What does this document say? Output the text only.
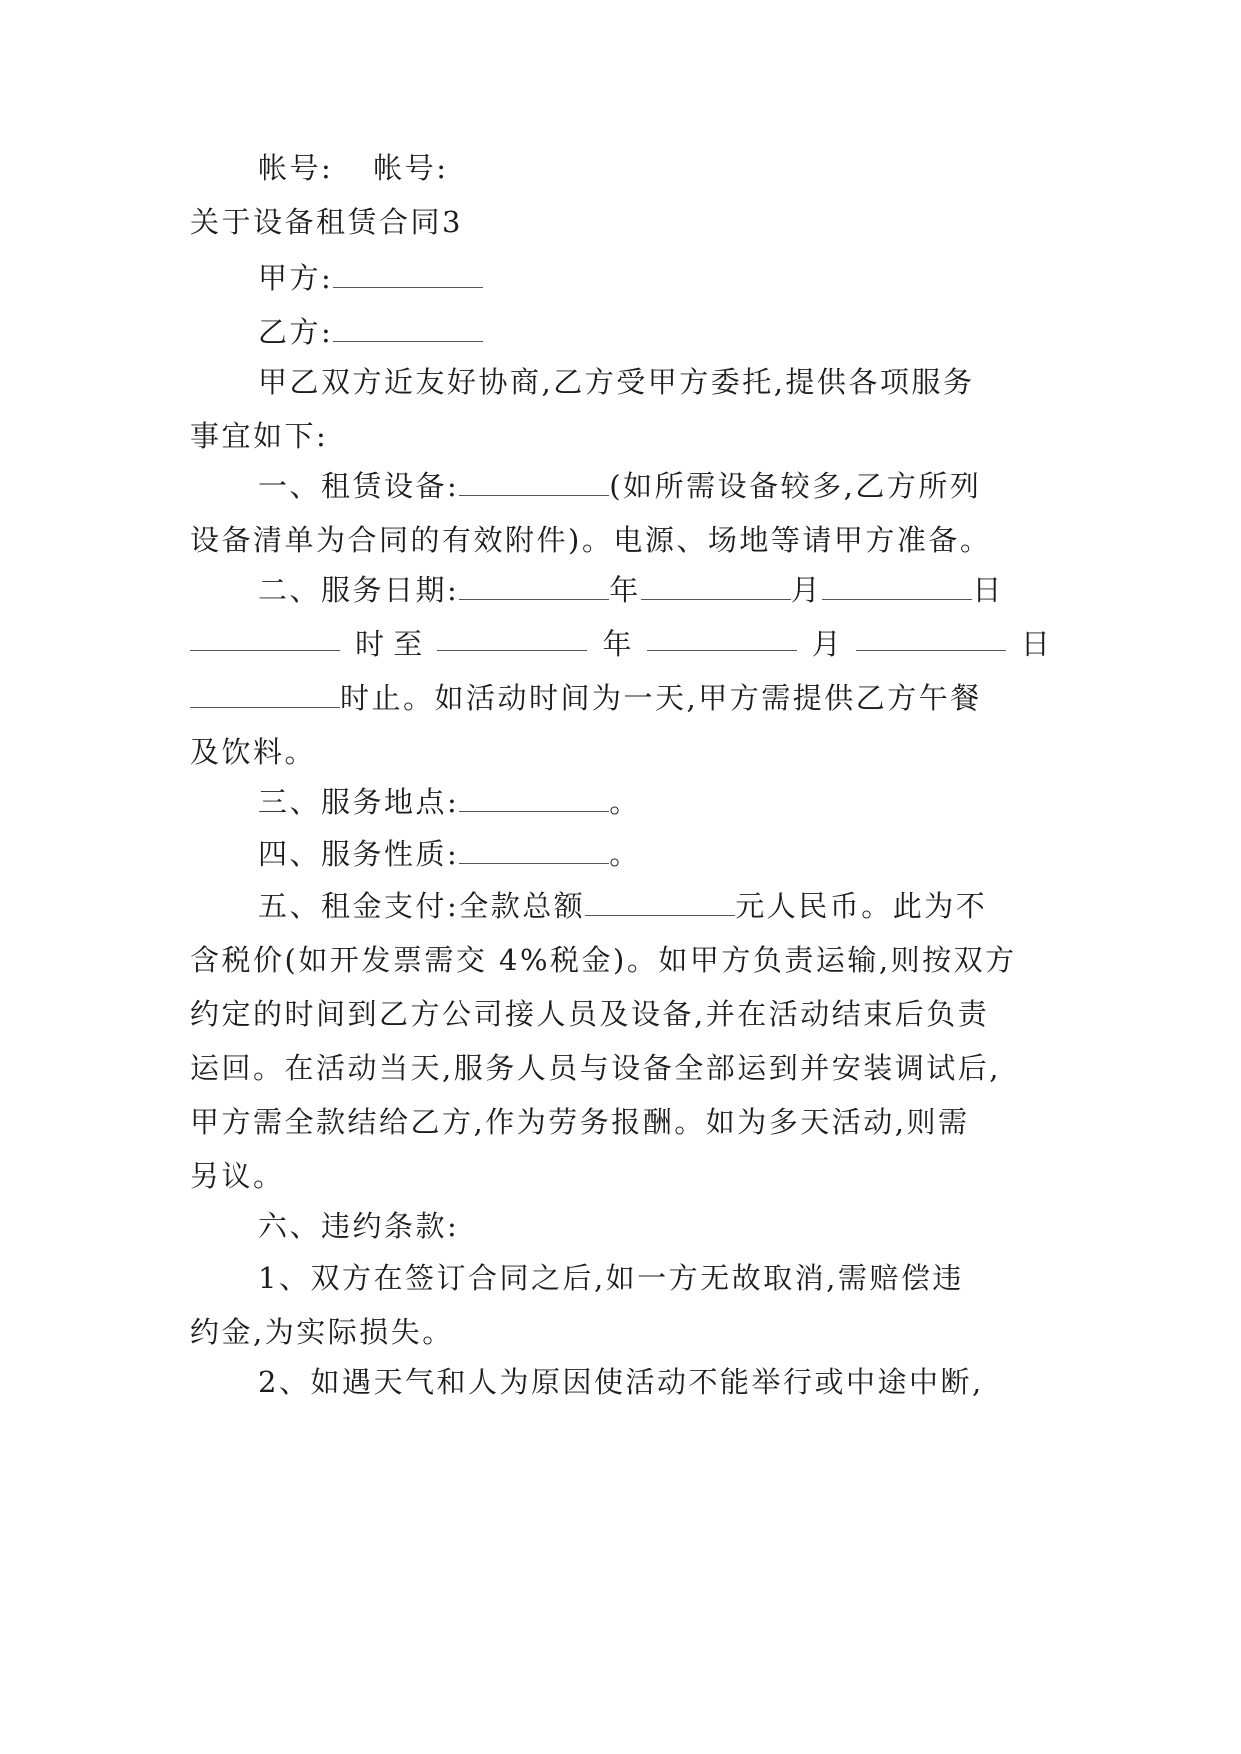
帐号: 帐号:
关于设备租赁合同3
甲方:
乙方:
甲乙双方近友好协商,乙方受甲方委托,提供各项服务
事宜如下:
一、租赁设备:	(如所需设备较多,乙方所列
设备清单为合同的有效附件)。电源、场地等请甲方准备。
二、服务日期:	年	月	日
时 至	年	月	日
时止。如活动时间为一天,甲方需提供乙方午餐
及饮料。
三、服务地点:	。
四、服务性质:	。
五、租金支付:全款总额	元人民币。此为不
含税价(如开发票需交 4%税金)。如甲方负责运输,则按双方
约定的时间到乙方公司接人员及设备,并在活动结束后负责
运回。在活动当天,服务人员与设备全部运到并安装调试后,
甲方需全款结给乙方,作为劳务报酬。如为多天活动,则需
另议。
六、违约条款:
1、双方在签订合同之后,如一方无故取消,需赔偿违
约金,为实际损失。
2、如遇天气和人为原因使活动不能举行或中途中断,
